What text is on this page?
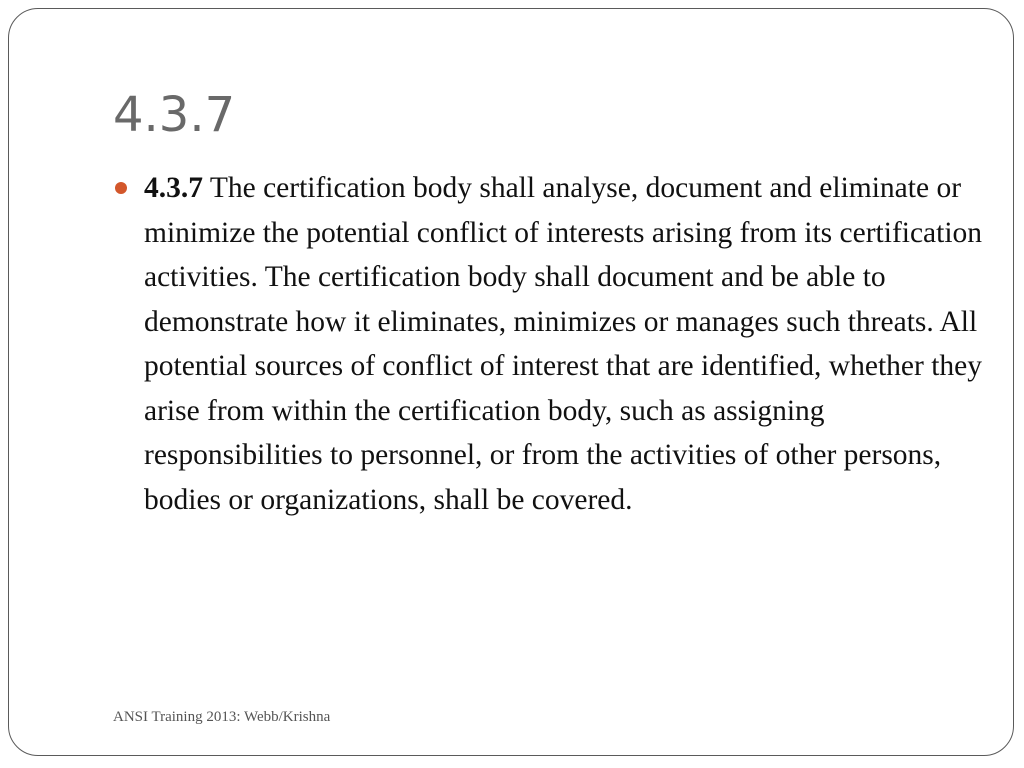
4.3.7
4.3.7 The certification body shall analyse, document and eliminate or minimize the potential conflict of interests arising from its certification activities. The certification body shall document and be able to demonstrate how it eliminates, minimizes or manages such threats. All potential sources of conflict of interest that are identified, whether they arise from within the certification body, such as assigning responsibilities to personnel, or from the activities of other persons, bodies or organizations, shall be covered.
ANSI Training 2013: Webb/Krishna
